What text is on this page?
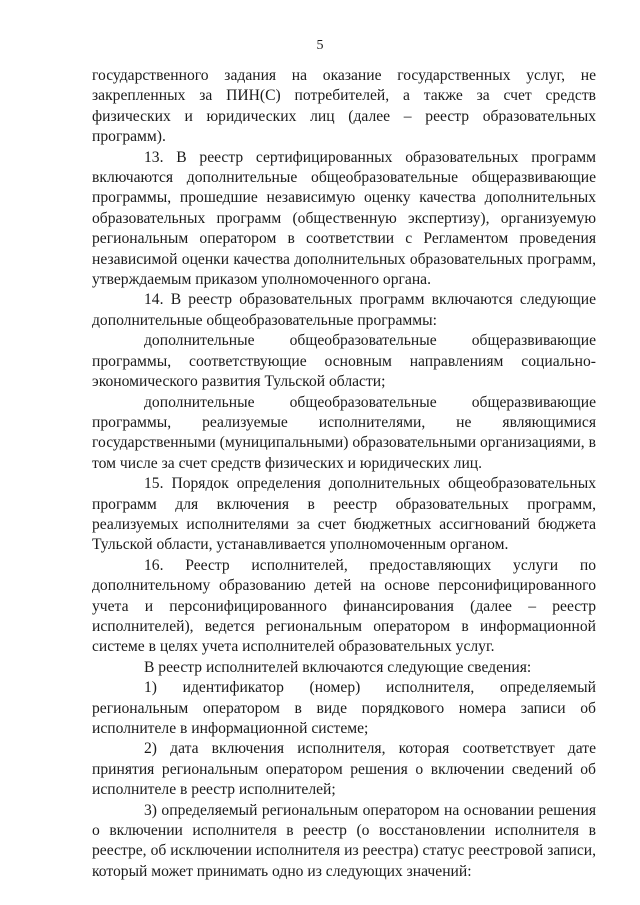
5

государственного задания на оказание государственных услуг, не закрепленных за ПИН(С) потребителей, а также за счет средств физических и юридических лиц (далее – реестр образовательных программ).

13. В реестр сертифицированных образовательных программ включаются дополнительные общеобразовательные общеразвивающие программы, прошедшие независимую оценку качества дополнительных образовательных программ (общественную экспертизу), организуемую региональным оператором в соответствии с Регламентом проведения независимой оценки качества дополнительных образовательных программ, утверждаемым приказом уполномоченного органа.

14. В реестр образовательных программ включаются следующие дополнительные общеобразовательные программы:

дополнительные общеобразовательные общеразвивающие программы, соответствующие основным направлениям социально-экономического развития Тульской области;

дополнительные общеобразовательные общеразвивающие программы, реализуемые исполнителями, не являющимися государственными (муниципальными) образовательными организациями, в том числе за счет средств физических и юридических лиц.

15. Порядок определения дополнительных общеобразовательных программ для включения в реестр образовательных программ, реализуемых исполнителями за счет бюджетных ассигнований бюджета Тульской области, устанавливается уполномоченным органом.

16. Реестр исполнителей, предоставляющих услуги по дополнительному образованию детей на основе персонифицированного учета и персонифицированного финансирования (далее – реестр исполнителей), ведется региональным оператором в информационной системе в целях учета исполнителей образовательных услуг.

В реестр исполнителей включаются следующие сведения:

1) идентификатор (номер) исполнителя, определяемый региональным оператором в виде порядкового номера записи об исполнителе в информационной системе;

2) дата включения исполнителя, которая соответствует дате принятия региональным оператором решения о включении сведений об исполнителе в реестр исполнителей;

3) определяемый региональным оператором на основании решения о включении исполнителя в реестр (о восстановлении исполнителя в реестре, об исключении исполнителя из реестра) статус реестровой записи, который может принимать одно из следующих значений:
